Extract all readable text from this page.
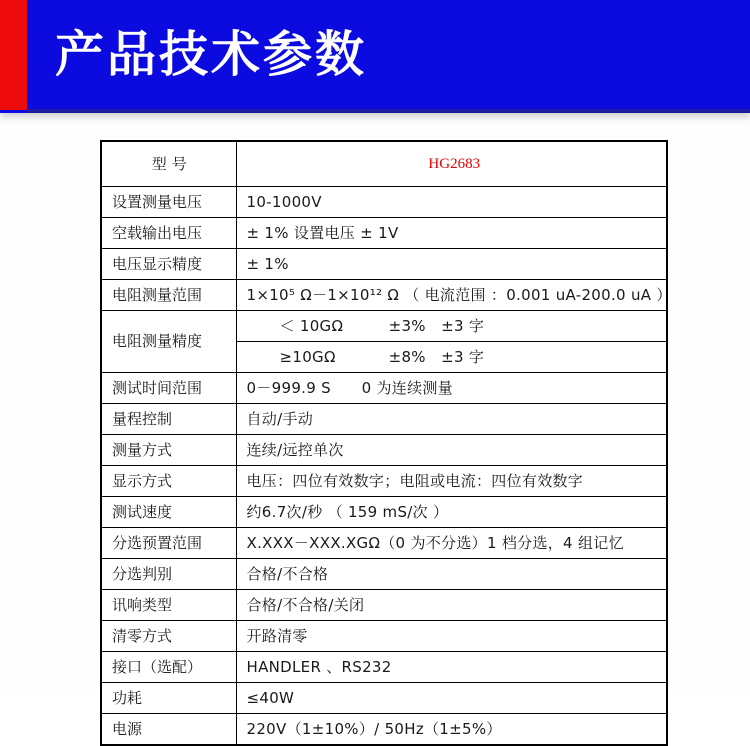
产品技术参数
型号	HG2683
设置测量电压	10-1000V
空载输出电压	± 1% 设置电压 ± 1V
电压显示精度	± 1%
电阻测量范围	1×10⁵ Ω－1×10¹² Ω （ 电流范围 ：0.001 uA-200.0 uA ）
电阻测量精度	＜ 10GΩ ±3%　±3 字
	≥10GΩ ±8%　±3 字
测试时间范围	0－999.9 S　　0 为连续测量
量程控制	自动/手动
测量方式	连续/远控单次
显示方式	电压：四位有效数字；电阻或电流：四位有效数字
测试速度	约6.7次/秒 （ 159 mS/次 ）
分选预置范围	X.XXX－XXX.XGΩ（0 为不分选）1 档分选，4 组记忆
分选判别	合格/不合格
讯响类型	合格/不合格/关闭
清零方式	开路清零
接口（选配）	HANDLER 、RS232
功耗	≤40W
电源	220V（1±10%）/ 50Hz（1±5%）
